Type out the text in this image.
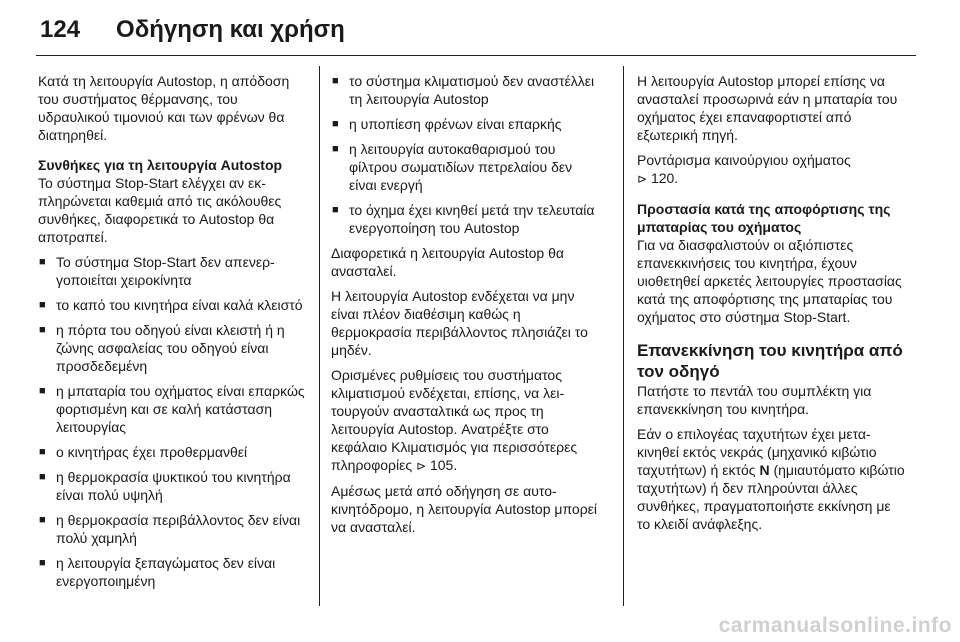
124 Οδήγηση και χρήση

Κατά τη λειτουργία Autostop, η απόδοση του συστήματος θέρμανσης, του υδραυλικού τιμονιού και των φρένων θα διατηρηθεί.

Συνθήκες για τη λειτουργία Autostop

Το σύστημα Stop-Start ελέγχει αν εκπληρώνεται καθεμιά από τις ακόλουθες συνθήκες, διαφορετικά το Autostop θα αποτραπεί.

■ Το σύστημα Stop-Start δεν απενεργοποιείται χειροκίνητα
■ το καπό του κινητήρα είναι καλά κλειστό
■ η πόρτα του οδηγού είναι κλειστή ή η ζώνης ασφαλείας του οδηγού είναι προσδεδεμένη
■ η μπαταρία του οχήματος είναι επαρκώς φορτισμένη και σε καλή κατάσταση λειτουργίας
■ ο κινητήρας έχει προθερμανθεί
■ η θερμοκρασία ψυκτικού του κινητήρα είναι πολύ υψηλή
■ η θερμοκρασία περιβάλλοντος δεν είναι πολύ χαμηλή
■ η λειτουργία ξεπαγώματος δεν είναι ενεργοποιημένη
■ το σύστημα κλιματισμού δεν αναστέλλει τη λειτουργία Autostop
■ η υποπίεση φρένων είναι επαρκής
■ η λειτουργία αυτοκαθαρισμού του φίλτρου σωματιδίων πετρελαίου δεν είναι ενεργή
■ το όχημα έχει κινηθεί μετά την τελευταία ενεργοποίηση του Autostop

Διαφορετικά η λειτουργία Autostop θα ανασταλεί.

Η λειτουργία Autostop ενδέχεται να μην είναι πλέον διαθέσιμη καθώς η θερμοκρασία περιβάλλοντος πλησιάζει το μηδέν.

Ορισμένες ρυθμίσεις του συστήματος κλιματισμού ενδέχεται, επίσης, να λειτουργούν ανασταλτικά ως προς τη λειτουργία Autostop. Ανατρέξτε στο κεφάλαιο Κλιματισμός για περισσότερες πληροφορίες ⊳ 105.

Αμέσως μετά από οδήγηση σε αυτοκινητόδρομο, η λειτουργία Autostop μπορεί να ανασταλεί.

Η λειτουργία Autostop μπορεί επίσης να ανασταλεί προσωρινά εάν η μπαταρία του οχήματος έχει επαναφορτιστεί από εξωτερική πηγή.

Ροντάρισμα καινούργιου οχήματος
⊳ 120.

Προστασία κατά της αποφόρτισης της μπαταρίας του οχήματος

Για να διασφαλιστούν οι αξιόπιστες επανεκκινήσεις του κινητήρα, έχουν υιοθετηθεί αρκετές λειτουργίες προστασίας κατά της αποφόρτισης της μπαταρίας του οχήματος στο σύστημα Stop-Start.

Επανεκκίνηση του κινητήρα από τον οδηγό

Πατήστε το πεντάλ του συμπλέκτη για επανεκκίνηση του κινητήρα.

Εάν ο επιλογέας ταχυτήτων έχει μετακινηθεί εκτός νεκράς (μηχανικό κιβώτιο ταχυτήτων) ή εκτός N (ημιαυτόματο κιβώτιο ταχυτήτων) ή δεν πληρούνται άλλες συνθήκες, πραγματοποιήστε εκκίνηση με το κλειδί ανάφλεξης.

carmanualsonline.info
